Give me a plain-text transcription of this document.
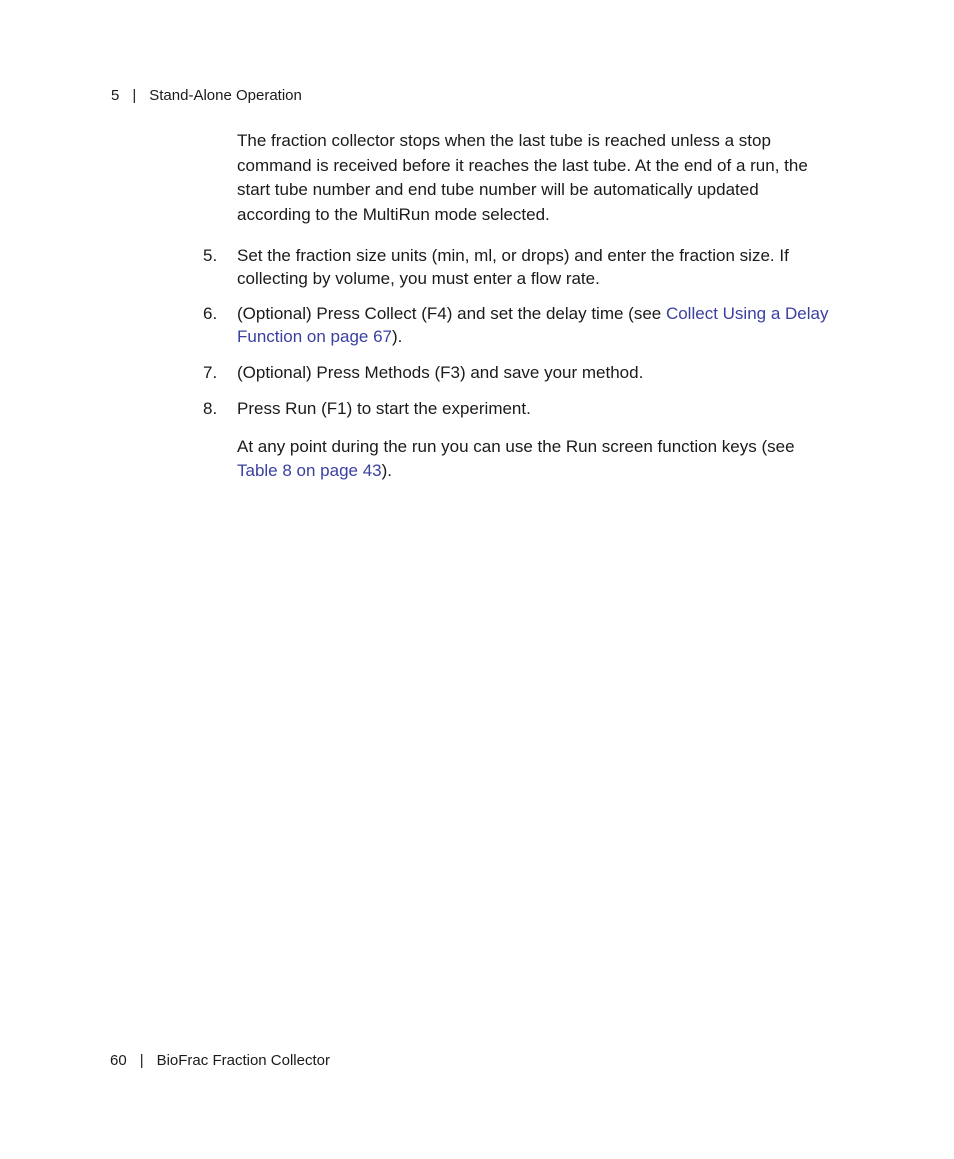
5 | Stand-Alone Operation
The fraction collector stops when the last tube is reached unless a stop command is received before it reaches the last tube. At the end of a run, the start tube number and end tube number will be automatically updated according to the MultiRun mode selected.
5. Set the fraction size units (min, ml, or drops) and enter the fraction size. If collecting by volume, you must enter a flow rate.
6. (Optional) Press Collect (F4) and set the delay time (see Collect Using a Delay Function on page 67).
7. (Optional) Press Methods (F3) and save your method.
8. Press Run (F1) to start the experiment.
At any point during the run you can use the Run screen function keys (see Table 8 on page 43).
60 | BioFrac Fraction Collector
